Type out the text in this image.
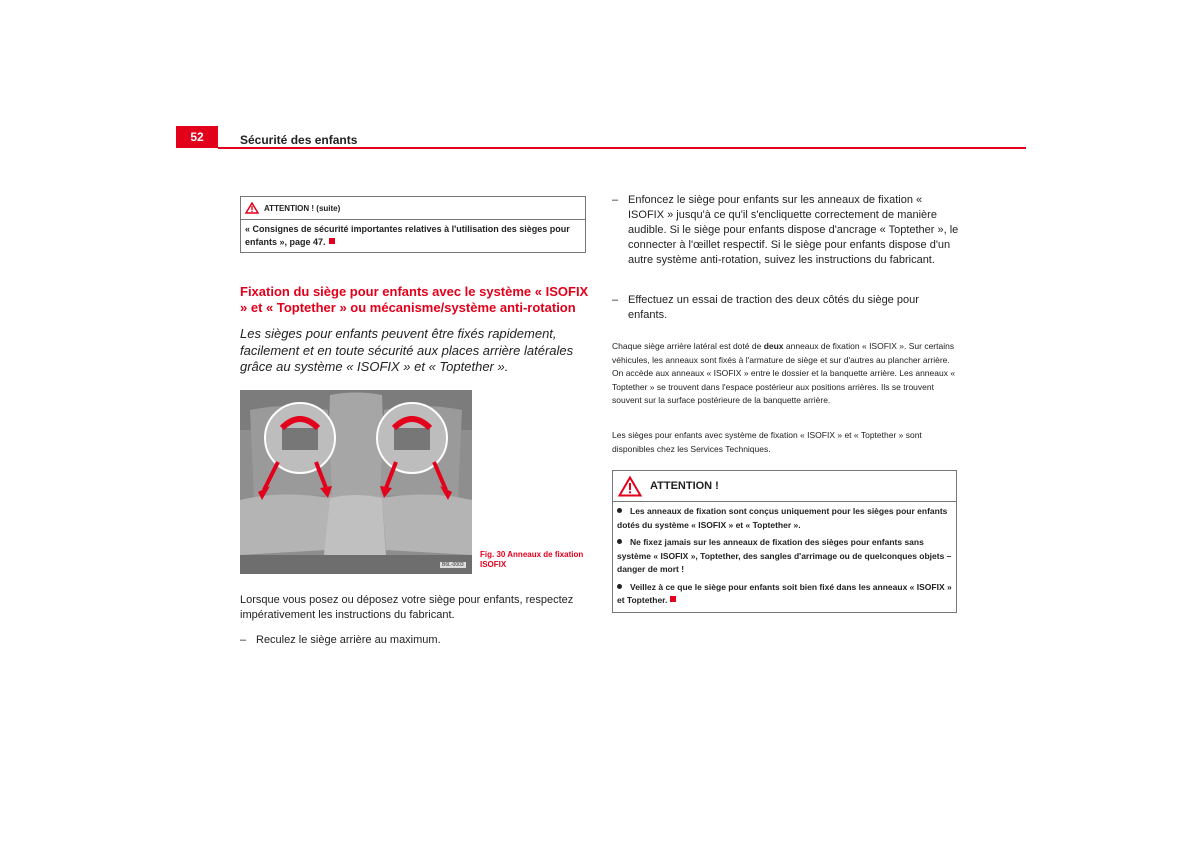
52	Sécurité des enfants
ATTENTION ! (suite)
« Consignes de sécurité importantes relatives à l'utilisation des sièges pour enfants », page 47.
Fixation du siège pour enfants avec le système « ISOFIX » et « Toptether » ou mécanisme/système anti-rotation
Les sièges pour enfants peuvent être fixés rapidement, facilement et en toute sécurité aux places arrière latérales grâce au système « ISOFIX » et « Toptether ».
B6L-0003
Fig. 30 Anneaux de fixation ISOFIX
Lorsque vous posez ou déposez votre siège pour enfants, respectez impérativement les instructions du fabricant.
– Reculez le siège arrière au maximum.
– Enfoncez le siège pour enfants sur les anneaux de fixation « ISOFIX » jusqu'à ce qu'il s'encliquette correctement de manière audible. Si le siège pour enfants dispose d'ancrage « Toptether », le connecter à l'œillet respectif. Si le siège pour enfants dispose d'un autre système anti-rotation, suivez les instructions du fabricant.
– Effectuez un essai de traction des deux côtés du siège pour enfants.
Chaque siège arrière latéral est doté de deux anneaux de fixation « ISOFIX ». Sur certains véhicules, les anneaux sont fixés à l'armature de siège et sur d'autres au plancher arrière. On accède aux anneaux « ISOFIX » entre le dossier et la banquette arrière. Les anneaux « Toptether » se trouvent dans l'espace postérieur aux positions arrières. Ils se trouvent souvent sur la surface postérieure de la banquette arrière.
Les sièges pour enfants avec système de fixation « ISOFIX » et « Toptether » sont disponibles chez les Services Techniques.
ATTENTION !

Les anneaux de fixation sont conçus uniquement pour les sièges pour enfants dotés du système « ISOFIX » et « Toptether ».

Ne fixez jamais sur les anneaux de fixation des sièges pour enfants sans système « ISOFIX », Toptether, des sangles d'arrimage ou de quelconques objets – danger de mort !

Veillez à ce que le siège pour enfants soit bien fixé dans les anneaux « ISOFIX » et Toptether.
